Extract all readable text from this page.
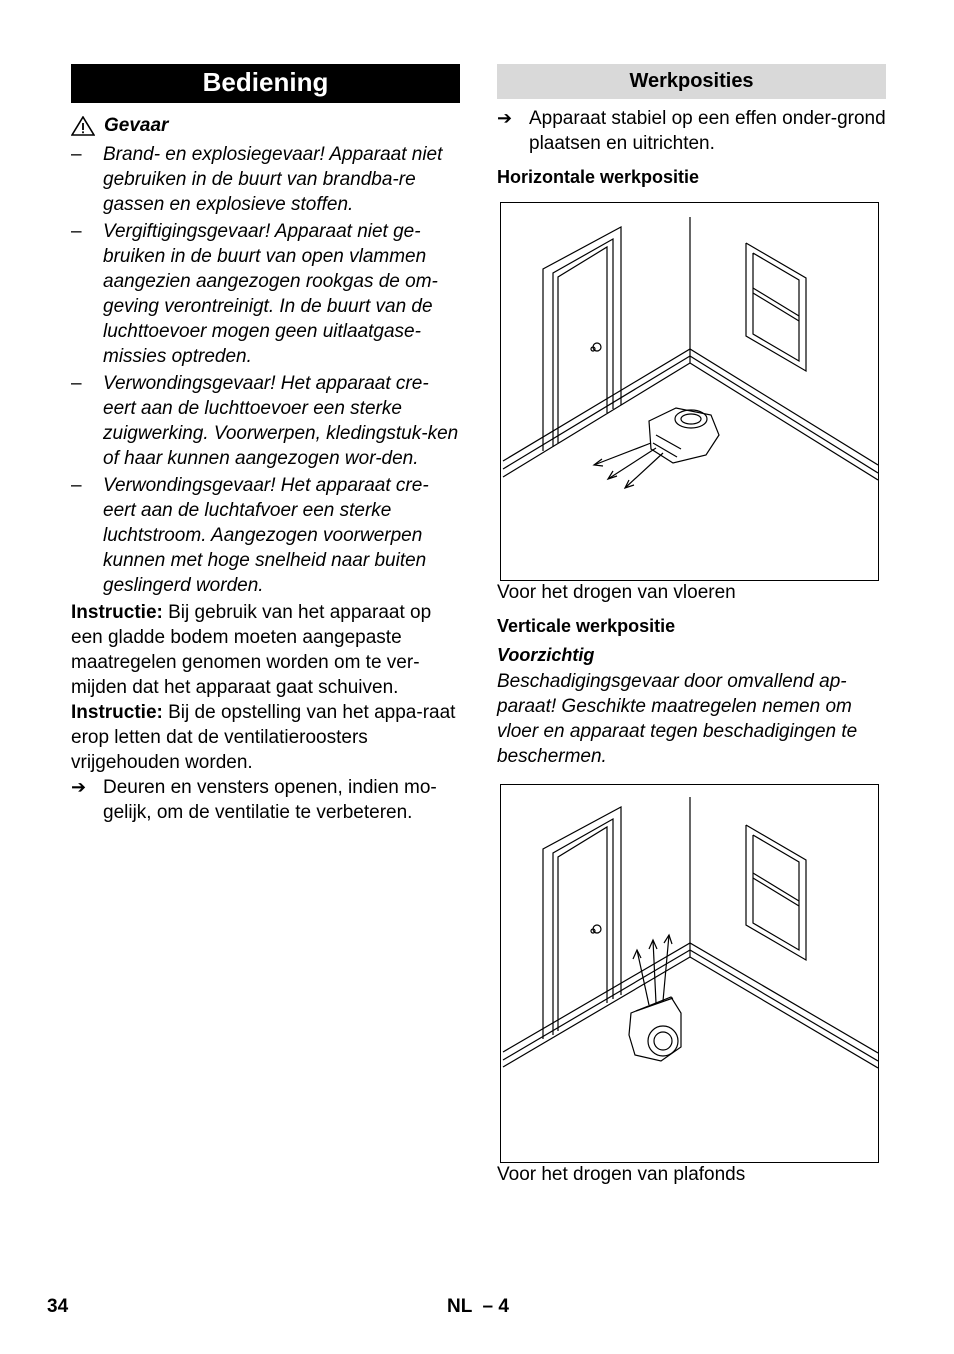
Bediening
Gevaar
–	Brand- en explosiegevaar! Apparaat niet gebruiken in de buurt van brandba-re gassen en explosieve stoffen.
–	Vergiftigingsgevaar! Apparaat niet ge-bruiken in de buurt van open vlammen aangezien aangezogen rookgas de om-geving verontreinigt. In de buurt van de luchttoevoer mogen geen uitlaatgase-missies optreden.
–	Verwondingsgevaar! Het apparaat cre-eert aan de luchttoevoer een sterke zuigwerking. Voorwerpen, kledingstuk-ken of haar kunnen aangezogen wor-den.
–	Verwondingsgevaar! Het apparaat cre-eert aan de luchtafvoer een sterke luchtstroom. Aangezogen voorwerpen kunnen met hoge snelheid naar buiten geslingerd worden.
Instructie: Bij gebruik van het apparaat op een gladde bodem moeten aangepaste maatregelen genomen worden om te ver-mijden dat het apparaat gaat schuiven.
Instructie: Bij de opstelling van het appa-raat erop letten dat de ventilatieroosters vrijgehouden worden.
➔ Deuren en vensters openen, indien mo-gelijk, om de ventilatie te verbeteren.
Werkposities
➔ Apparaat stabiel op een effen onder-grond plaatsen en uitrichten.
Horizontale werkpositie
Voor het drogen van vloeren
Verticale werkpositie
Voorzichtig
Beschadigingsgevaar door omvallend ap-paraat! Geschikte maatregelen nemen om vloer en apparaat tegen beschadigingen te beschermen.
Voor het drogen van plafonds
34	NL  – 4
